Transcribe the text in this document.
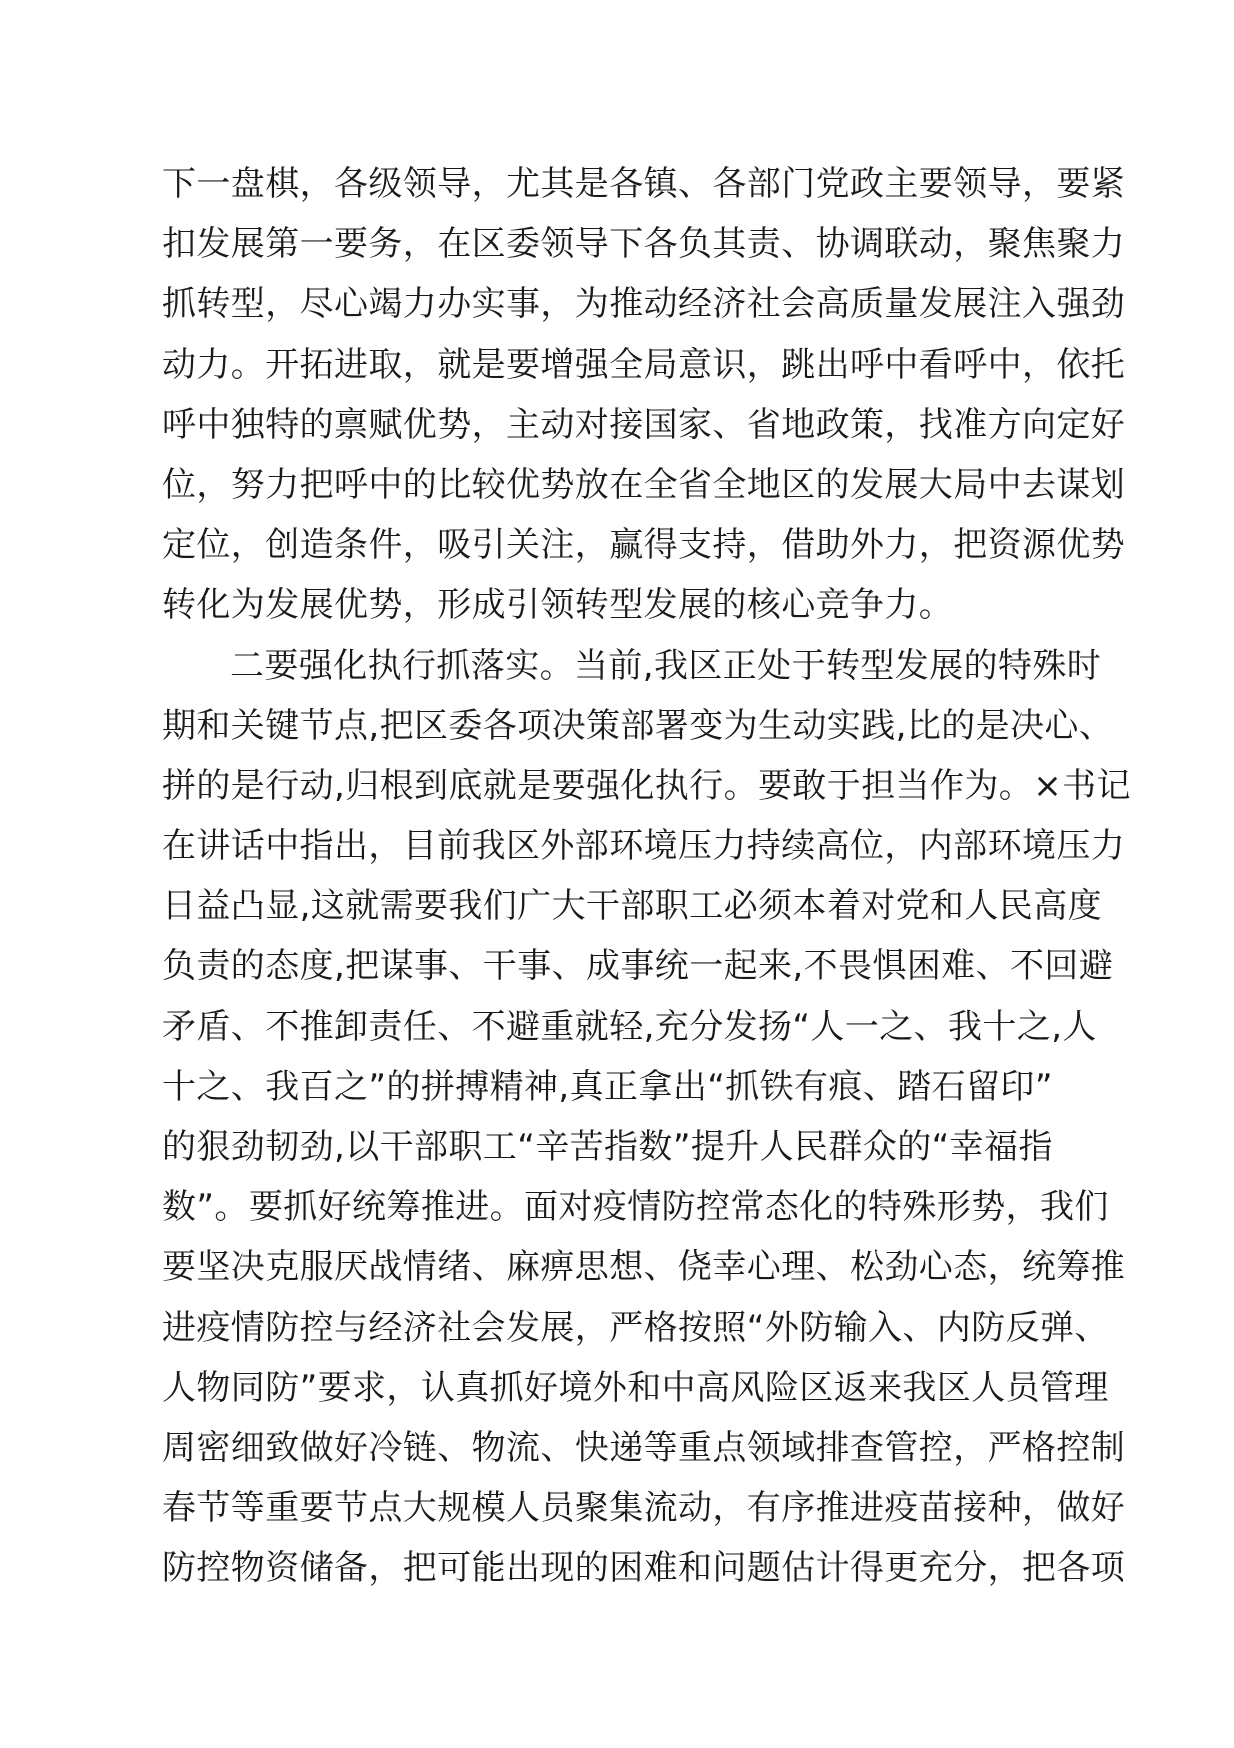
下一盘棋，各级领导，尤其是各镇、各部门党政主要领导，要紧
扣发展第一要务，在区委领导下各负其责、协调联动，聚焦聚力
抓转型，尽心竭力办实事，为推动经济社会高质量发展注入强劲
动力。开拓进取，就是要增强全局意识，跳出呼中看呼中，依托
呼中独特的禀赋优势，主动对接国家、省地政策，找准方向定好
位，努力把呼中的比较优势放在全省全地区的发展大局中去谋划
定位，创造条件，吸引关注，赢得支持，借助外力，把资源优势
转化为发展优势，形成引领转型发展的核心竞争力。
二要强化执行抓落实。当前,我区正处于转型发展的特殊时
期和关键节点,把区委各项决策部署变为生动实践,比的是决心、
拼的是行动,归根到底就是要强化执行。要敢于担当作为。×书记
在讲话中指出，目前我区外部环境压力持续高位，内部环境压力
日益凸显,这就需要我们广大干部职工必须本着对党和人民高度
负责的态度,把谋事、干事、成事统一起来,不畏惧困难、不回避
矛盾、不推卸责任、不避重就轻,充分发扬“人一之、我十之,人
十之、我百之”的拼搏精神,真正拿出“抓铁有痕、踏石留印”
的狠劲韧劲,以干部职工“辛苦指数”提升人民群众的“幸福指
数”。要抓好统筹推进。面对疫情防控常态化的特殊形势，我们
要坚决克服厌战情绪、麻痹思想、侥幸心理、松劲心态，统筹推
进疫情防控与经济社会发展，严格按照“外防输入、内防反弹、
人物同防”要求，认真抓好境外和中高风险区返来我区人员管理
周密细致做好冷链、物流、快递等重点领域排查管控，严格控制
春节等重要节点大规模人员聚集流动，有序推进疫苗接种，做好
防控物资储备，把可能出现的困难和问题估计得更充分，把各项
